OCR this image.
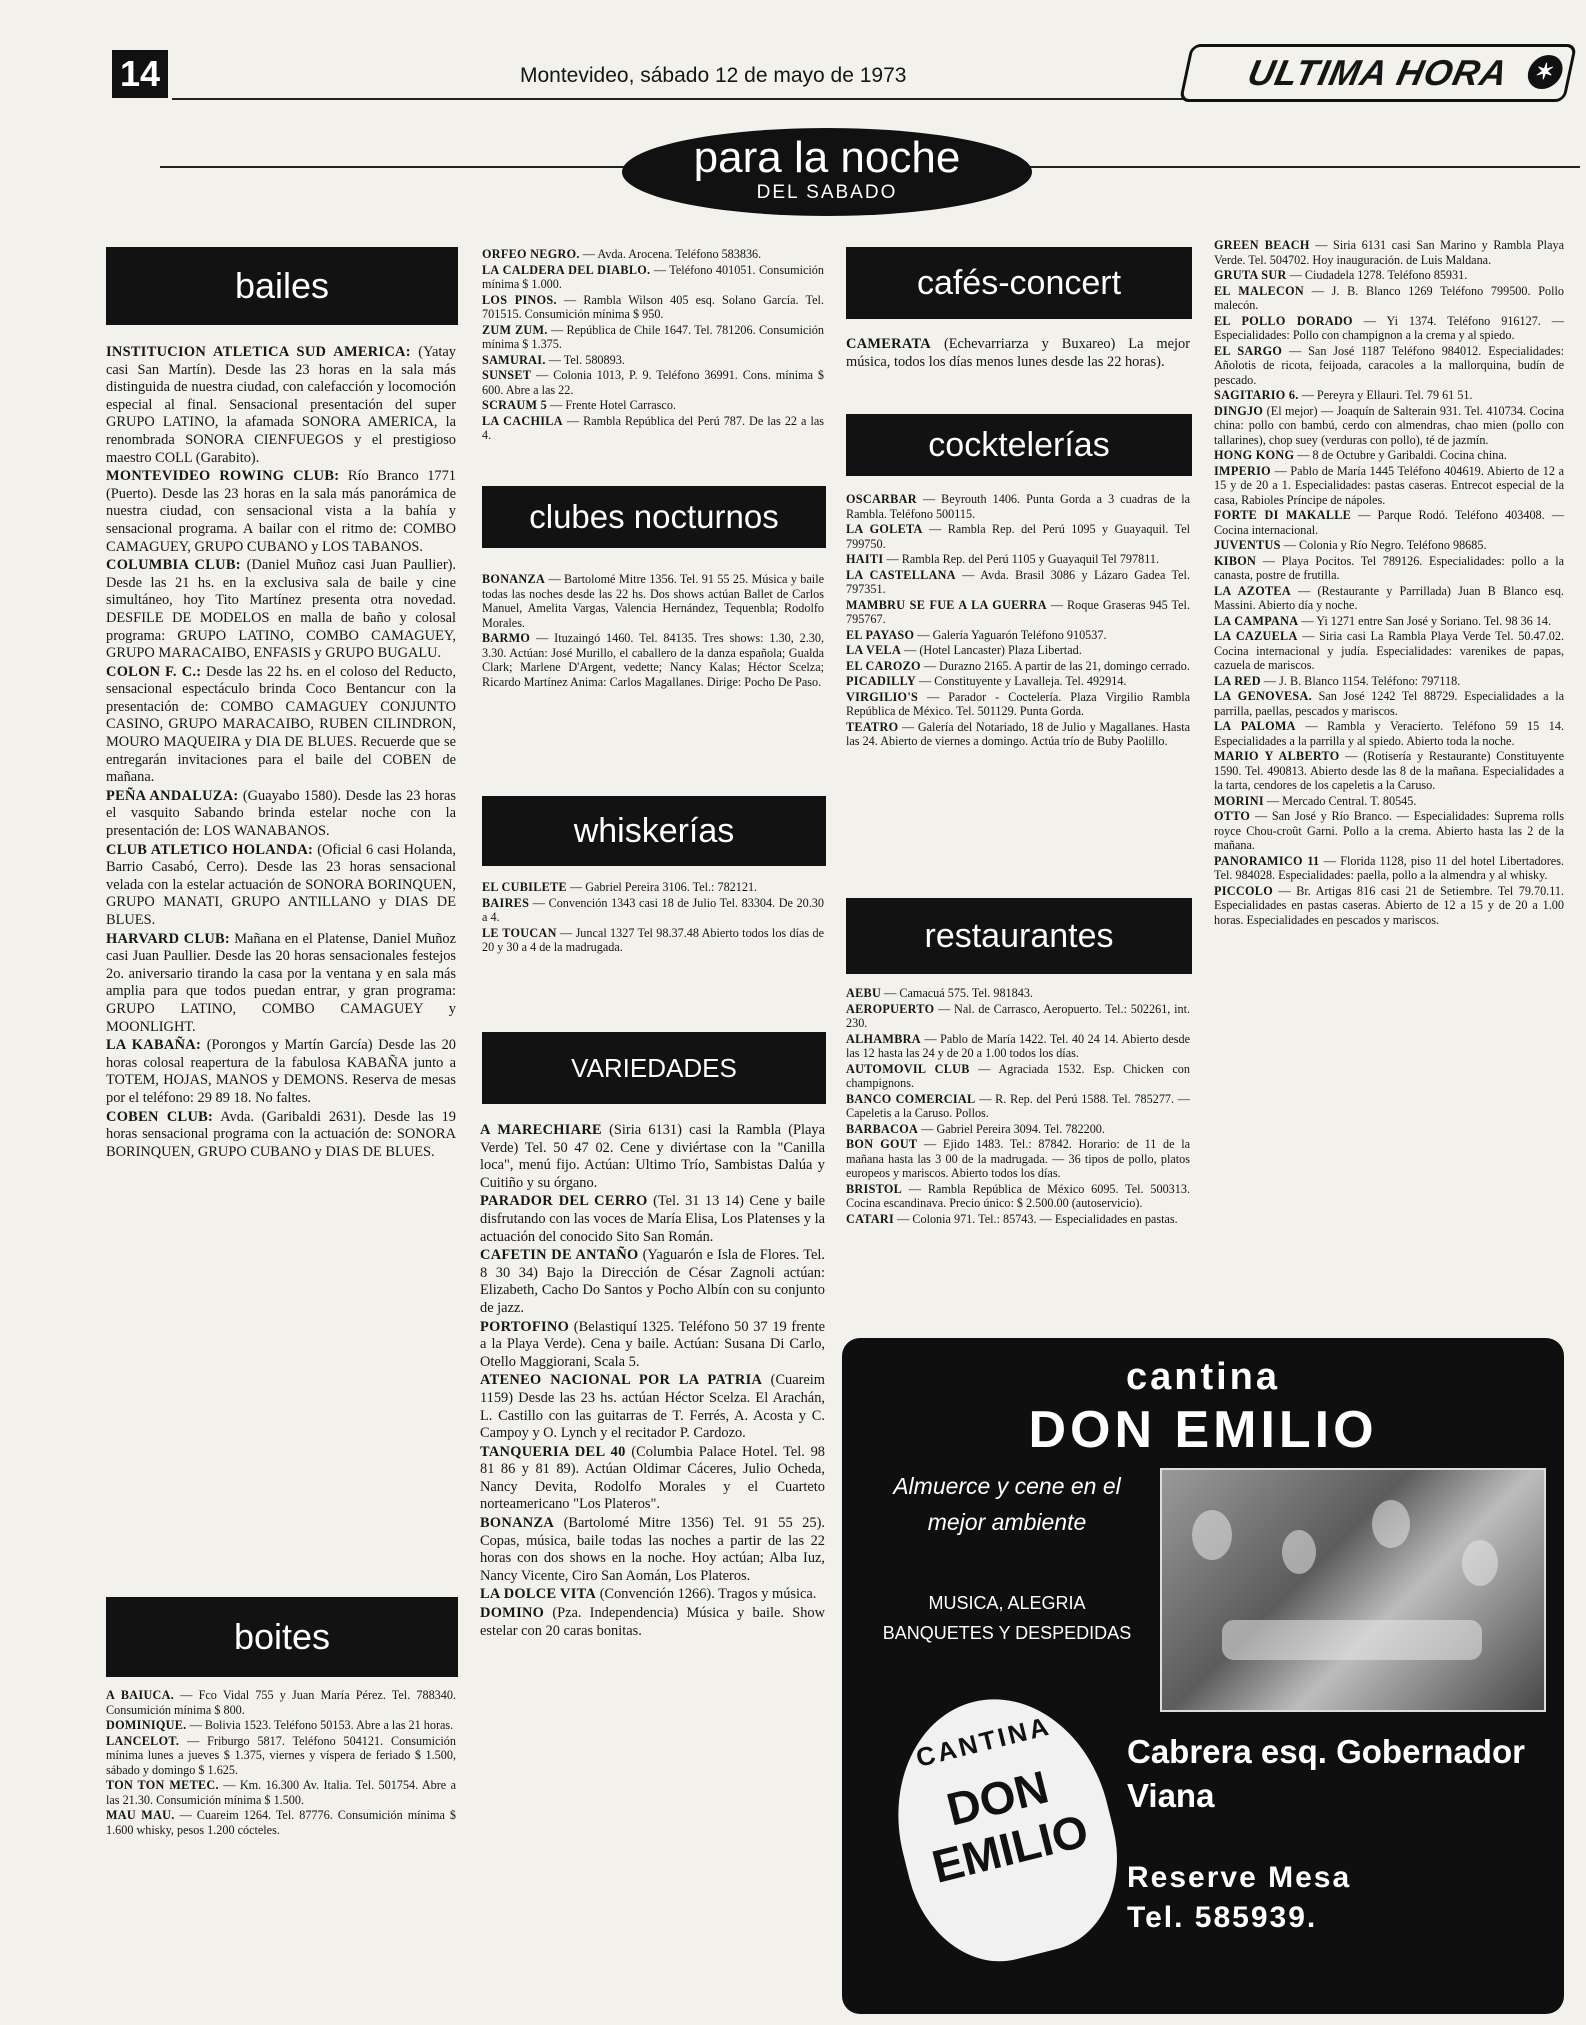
14	Montevideo, sábado 12 de mayo de 1973	ULTIMA HORA ✶
para la noche
DEL SABADO
bailes
INSTITUCION ATLETICA SUD AMERICA: (Yatay casi San Martín). Desde las 23 horas en la sala más distinguida de nuestra ciudad, con calefacción y locomoción especial al final. Sensacional presentación del super GRUPO LATINO, la afamada SONORA AMERICA, la renombrada SONORA CIENFUEGOS y el prestigioso maestro COLL (Garabito).
MONTEVIDEO ROWING CLUB: Río Branco 1771 (Puerto). Desde las 23 horas en la sala más panorámica de nuestra ciudad, con sensacional vista a la bahía y sensacional programa. A bailar con el ritmo de: COMBO CAMAGUEY, GRUPO CUBANO y LOS TABANOS.
COLUMBIA CLUB: (Daniel Muñoz casi Juan Paullier). Desde las 21 hs. en la exclusiva sala de baile y cine simultáneo, hoy Tito Martínez presenta otra novedad. DESFILE DE MODELOS en malla de baño y colosal programa: GRUPO LATINO, COMBO CAMAGUEY, GRUPO MARACAIBO, ENFASIS y GRUPO BUGALU.
COLON F. C.: Desde las 22 hs. en el coloso del Reducto, sensacional espectáculo brinda Coco Bentancur con la presentación de: COMBO CAMAGUEY CONJUNTO CASINO, GRUPO MARACAIBO, RUBEN CILINDRON, MOURO MAQUEIRA y DIA DE BLUES. Recuerde que se entregarán invitaciones para el baile del COBEN de mañana.
PEÑA ANDALUZA: (Guayabo 1580). Desde las 23 horas el vasquito Sabando brinda estelar noche con la presentación de: LOS WANABANOS.
CLUB ATLETICO HOLANDA: (Oficial 6 casi Holanda, Barrio Casabó, Cerro). Desde las 23 horas sensacional velada con la estelar actuación de SONORA BORINQUEN, GRUPO MANATI, GRUPO ANTILLANO y DIAS DE BLUES.
HARVARD CLUB: Mañana en el Platense, Daniel Muñoz casi Juan Paullier. Desde las 20 horas sensacionales festejos 2o. aniversario tirando la casa por la ventana y en sala más amplia para que todos puedan entrar, y gran programa: GRUPO LATINO, COMBO CAMAGUEY y MOONLIGHT.
LA KABAÑA: (Porongos y Martín García) Desde las 20 horas colosal reapertura de la fabulosa KABAÑA junto a TOTEM, HOJAS, MANOS y DEMONS. Reserva de mesas por el teléfono: 29 89 18. No faltes.
COBEN CLUB: Avda. (Garibaldi 2631). Desde las 19 horas sensacional programa con la actuación de: SONORA BORINQUEN, GRUPO CUBANO y DIAS DE BLUES.
boites
A BAIUCA. — Fco Vidal 755 y Juan María Pérez. Tel. 788340. Consumición mínima $ 800.
DOMINIQUE. — Bolivia 1523. Teléfono 50153. Abre a las 21 horas.
LANCELOT. — Friburgo 5817. Teléfono 504121. Consumición mínima lunes a jueves $ 1.375, viernes y víspera de feriado $ 1.500, sábado y domingo $ 1.625.
TON TON METEC. — Km. 16.300 Av. Italia. Tel. 501754. Abre a las 21.30. Consumición mínima $ 1.500.
MAU MAU. — Cuareim 1264. Tel. 87776. Consumición mínima $ 1.600 whisky, pesos 1.200 cócteles.
ORFEO NEGRO. — Avda. Arocena. Teléfono 583836.
LA CALDERA DEL DIABLO. — Teléfono 401051. Consumición mínima $ 1.000.
LOS PINOS. — Rambla Wilson 405 esq. Solano García. Tel. 701515. Consumición mínima $ 950.
ZUM ZUM. — República de Chile 1647. Tel. 781206. Consumición mínima $ 1.375.
SAMURAI. — Tel. 580893.
SUNSET — Colonia 1013, P. 9. Teléfono 36991. Cons. mínima $ 600. Abre a las 22.
SCRAUM 5 — Frente Hotel Carrasco.
LA CACHILA — Rambla República del Perú 787. De las 22 a las 4.
clubes nocturnos
BONANZA — Bartolomé Mitre 1356. Tel. 91 55 25. Música y baile todas las noches desde las 22 hs. Dos shows actúan Ballet de Carlos Manuel, Amelita Vargas, Valencia Hernández, Tequenbla; Rodolfo Morales.
BARMO — Ituzaingó 1460. Tel. 84135. Tres shows: 1.30, 2.30, 3.30. Actúan: José Murillo, el caballero de la danza española; Gualda Clark; Marlene D'Argent, vedette; Nancy Kalas; Héctor Scelza; Ricardo Martínez Anima: Carlos Magallanes. Dirige: Pocho De Paso.
whiskerías
EL CUBILETE — Gabriel Pereira 3106. Tel.: 782121.
BAIRES — Convención 1343 casi 18 de Julio Tel. 83304. De 20.30 a 4.
LE TOUCAN — Juncal 1327 Tel 98.37.48 Abierto todos los días de 20 y 30 a 4 de la madrugada.
VARIEDADES
A MARECHIARE (Siria 6131) casi la Rambla (Playa Verde) Tel. 50 47 02. Cene y diviértase con la "Canilla loca", menú fijo. Actúan: Ultimo Trío, Sambistas Dalúa y Cuitiño y su órgano.
PARADOR DEL CERRO (Tel. 31 13 14) Cene y baile disfrutando con las voces de María Elisa, Los Platenses y la actuación del conocido Sito San Román.
CAFETIN DE ANTAÑO (Yaguarón e Isla de Flores. Tel. 8 30 34) Bajo la Dirección de César Zagnoli actúan: Elizabeth, Cacho Do Santos y Pocho Albín con su conjunto de jazz.
PORTOFINO (Belastiquí 1325. Teléfono 50 37 19 frente a la Playa Verde). Cena y baile. Actúan: Susana Di Carlo, Otello Maggiorani, Scala 5.
ATENEO NACIONAL POR LA PATRIA (Cuareim 1159) Desde las 23 hs. actúan Héctor Scelza. El Arachán, L. Castillo con las guitarras de T. Ferrés, A. Acosta y C. Campoy y O. Lynch y el recitador P. Cardozo.
TANQUERIA DEL 40 (Columbia Palace Hotel. Tel. 98 81 86 y 81 89). Actúan Oldimar Cáceres, Julio Ocheda, Nancy Devita, Rodolfo Morales y el Cuarteto norteamericano "Los Plateros".
BONANZA (Bartolomé Mitre 1356) Tel. 91 55 25). Copas, música, baile todas las noches a partir de las 22 horas con dos shows en la noche. Hoy actúan; Alba Iuz, Nancy Vicente, Ciro San Aomán, Los Plateros.
LA DOLCE VITA (Convención 1266). Tragos y música.
DOMINO (Pza. Independencia) Música y baile. Show estelar con 20 caras bonitas.
cafés-concert
CAMERATA (Echevarriarza y Buxareo) La mejor música, todos los días menos lunes desde las 22 horas).
cocktelerías
OSCARBAR — Beyrouth 1406. Punta Gorda a 3 cuadras de la Rambla. Teléfono 500115.
LA GOLETA — Rambla Rep. del Perú 1095 y Guayaquil. Tel 799750.
HAITI — Rambla Rep. del Perú 1105 y Guayaquil Tel 797811.
LA CASTELLANA — Avda. Brasil 3086 y Lázaro Gadea Tel. 797351.
MAMBRU SE FUE A LA GUERRA — Roque Graseras 945 Tel. 795767.
EL PAYASO — Galería Yaguarón Teléfono 910537.
LA VELA — (Hotel Lancaster) Plaza Libertad.
EL CAROZO — Durazno 2165. A partir de las 21, domingo cerrado.
PICADILLY — Constituyente y Lavalleja. Tel. 492914.
VIRGILIO'S — Parador - Coctelería. Plaza Virgilio Rambla República de México. Tel. 501129. Punta Gorda.
TEATRO — Galería del Notariado, 18 de Julio y Magallanes. Hasta las 24. Abierto de viernes a domingo. Actúa trío de Buby Paolillo.
restaurantes
AEBU — Camacuá 575. Tel. 981843.
AEROPUERTO — Nal. de Carrasco, Aeropuerto. Tel.: 502261, int. 230.
ALHAMBRA — Pablo de María 1422. Tel. 40 24 14. Abierto desde las 12 hasta las 24 y de 20 a 1.00 todos los días.
AUTOMOVIL CLUB — Agraciada 1532. Esp. Chicken con champignons.
BANCO COMERCIAL — R. Rep. del Perú 1588. Tel. 785277. — Capeletis a la Caruso. Pollos.
BARBACOA — Gabriel Pereira 3094. Tel. 782200.
BON GOUT — Ejido 1483. Tel.: 87842. Horario: de 11 de la mañana hasta las 3 00 de la madrugada. — 36 tipos de pollo, platos europeos y mariscos. Abierto todos los días.
BRISTOL — Rambla República de México 6095. Tel. 500313. Cocina escandinava. Precio único: $ 2.500.00 (autoservicio).
CATARI — Colonia 971. Tel.: 85743. — Especialidades en pastas.
GREEN BEACH — Siria 6131 casi San Marino y Rambla Playa Verde. Tel. 504702. Hoy inauguración. de Luis Maldana.
GRUTA SUR — Ciudadela 1278. Teléfono 85931.
EL MALECON — J. B. Blanco 1269 Teléfono 799500. Pollo malecón.
EL POLLO DORADO — Yi 1374. Teléfono 916127. — Especialidades: Pollo con champignon a la crema y al spiedo.
EL SARGO — San José 1187 Teléfono 984012. Especialidades: Añolotis de ricota, feijoada, caracoles a la mallorquina, budín de pescado.
SAGITARIO 6. — Pereyra y Ellauri. Tel. 79 61 51.
DINGJO (El mejor) — Joaquín de Salterain 931. Tel. 410734. Cocina china: pollo con bambú, cerdo con almendras, chao mien (pollo con tallarines), chop suey (verduras con pollo), té de jazmín.
HONG KONG — 8 de Octubre y Garibaldi. Cocina china.
IMPERIO — Pablo de María 1445 Teléfono 404619. Abierto de 12 a 15 y de 20 a 1. Especialidades: pastas caseras. Entrecot especial de la casa, Rabioles Príncipe de nápoles.
FORTE DI MAKALLE — Parque Rodó. Teléfono 403408. — Cocina internacional.
JUVENTUS — Colonia y Río Negro. Teléfono 98685.
KIBON — Playa Pocitos. Tel 789126. Especialidades: pollo a la canasta, postre de frutilla.
LA AZOTEA — (Restaurante y Parrillada) Juan B Blanco esq. Massini. Abierto día y noche.
LA CAMPANA — Yi 1271 entre San José y Soriano. Tel. 98 36 14.
LA CAZUELA — Siria casi La Rambla Playa Verde Tel. 50.47.02. Cocina internacional y judía. Especialidades: varenikes de papas, cazuela de mariscos.
LA RED — J. B. Blanco 1154. Teléfono: 797118.
LA GENOVESA. San José 1242 Tel 88729. Especialidades a la parrilla, paellas, pescados y mariscos.
LA PALOMA — Rambla y Veracierto. Teléfono 59 15 14. Especialidades a la parrilla y al spiedo. Abierto toda la noche.
MARIO Y ALBERTO — (Rotisería y Restaurante) Constituyente 1590. Tel. 490813. Abierto desde las 8 de la mañana. Especialidades a la tarta, cendores de los capeletis a la Caruso.
MORINI — Mercado Central. T. 80545.
OTTO — San José y Río Branco. — Especialidades: Suprema rolls royce Chou-croût Garni. Pollo a la crema. Abierto hasta las 2 de la mañana.
PANORAMICO 11 — Florida 1128, piso 11 del hotel Libertadores. Tel. 984028. Especialidades: paella, pollo a la almendra y al whisky.
PICCOLO — Br. Artigas 816 casi 21 de Setiembre. Tel 79.70.11. Especialidades en pastas caseras. Abierto de 12 a 15 y de 20 a 1.00 horas. Especialidades en pescados y mariscos.
cantina
DON EMILIO
Almuerce y cene en el mejor ambiente
MUSICA, ALEGRIA BANQUETES Y DESPEDIDAS
CANTINA
DON EMILIO
Cabrera esq. Gobernador Viana
Reserve Mesa
Tel. 585939.
